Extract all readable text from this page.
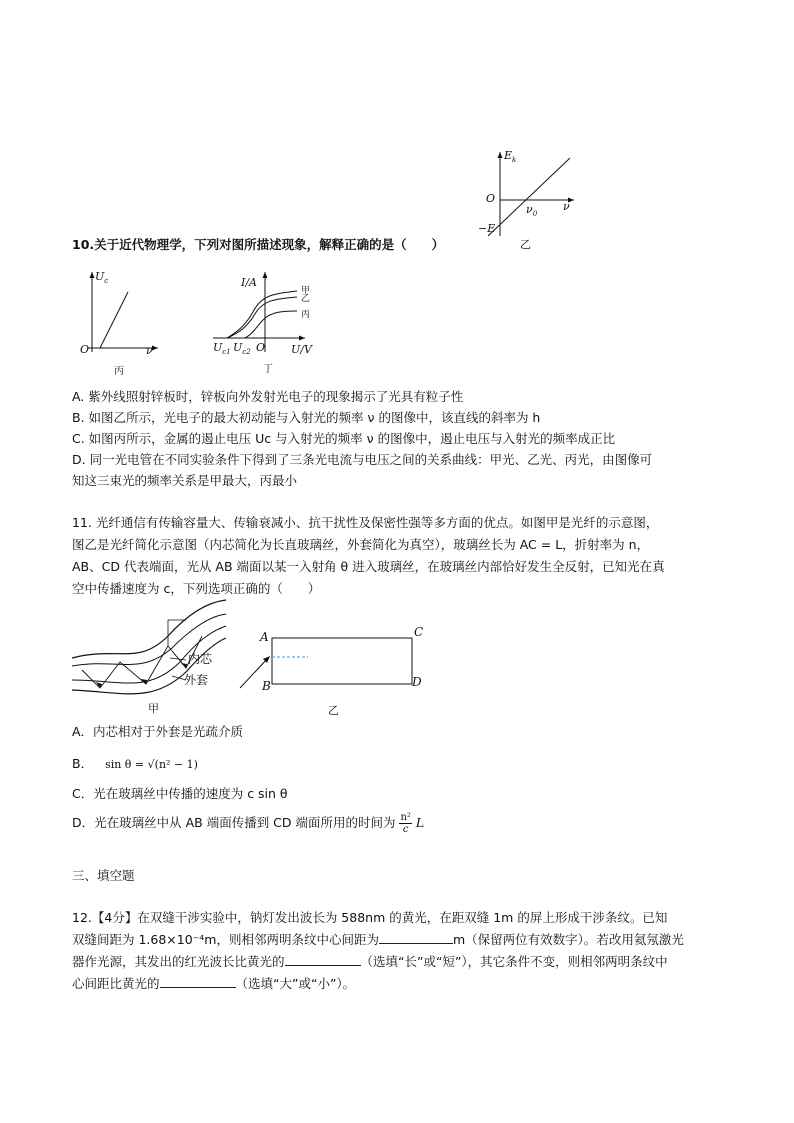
$E_k$
O
ν
$\nu_0$
−E
乙
10.关于近代物理学，下列对图所描述现象，解释正确的是（　　）
$U_c$
O	ν
丙
I/A
甲
乙
丙
$U_{c1}$ $U_{c2}$ O U/V
丁
A. 紫外线照射锌板时，锌板向外发射光电子的现象揭示了光具有粒子性
B. 如图乙所示，光电子的最大初动能与入射光的频率 ν 的图像中，该直线的斜率为 h
C. 如图丙所示，金属的遏止电压 Uc 与入射光的频率 ν 的图像中，遏止电压与入射光的频率成正比
D. 同一光电管在不同实验条件下得到了三条光电流与电压之间的关系曲线：甲光、乙光、丙光，由图像可
知这三束光的频率关系是甲最大，丙最小
11. 光纤通信有传输容量大、传输衰减小、抗干扰性及保密性强等多方面的优点。如图甲是光纤的示意图，
图乙是光纤简化示意图（内芯简化为长直玻璃丝，外套简化为真空），玻璃丝长为 AC = L，折射率为 n，
AB、CD 代表端面，光从 AB 端面以某一入射角 θ 进入玻璃丝，在玻璃丝内部恰好发生全反射，已知光在真
空中传播速度为 c，下列选项正确的（　　）
内芯
外套
甲
A
B
C
D
乙
A．内芯相对于外套是光疏介质
B． sin θ = √(n² − 1)
C．光在玻璃丝中传播的速度为 c sin θ
D．光在玻璃丝中从 AB 端面传播到 CD 端面所用的时间为 $\frac{\text{n²}}{c}$ L
三、填空题
12.【4分】在双缝干涉实验中，钠灯发出波长为 588nm 的黄光，在距双缝 1m 的屏上形成干涉条纹。已知
双缝间距为 1.68×10⁻⁴m，则相邻两明条纹中心间距为	m（保留两位有效数字）。若改用氦氖激光
器作光源，其发出的红光波长比黄光的	（选填“长”或“短”），其它条件不变，则相邻两明条纹中
心间距比黄光的	（选填“大”或“小”）。
